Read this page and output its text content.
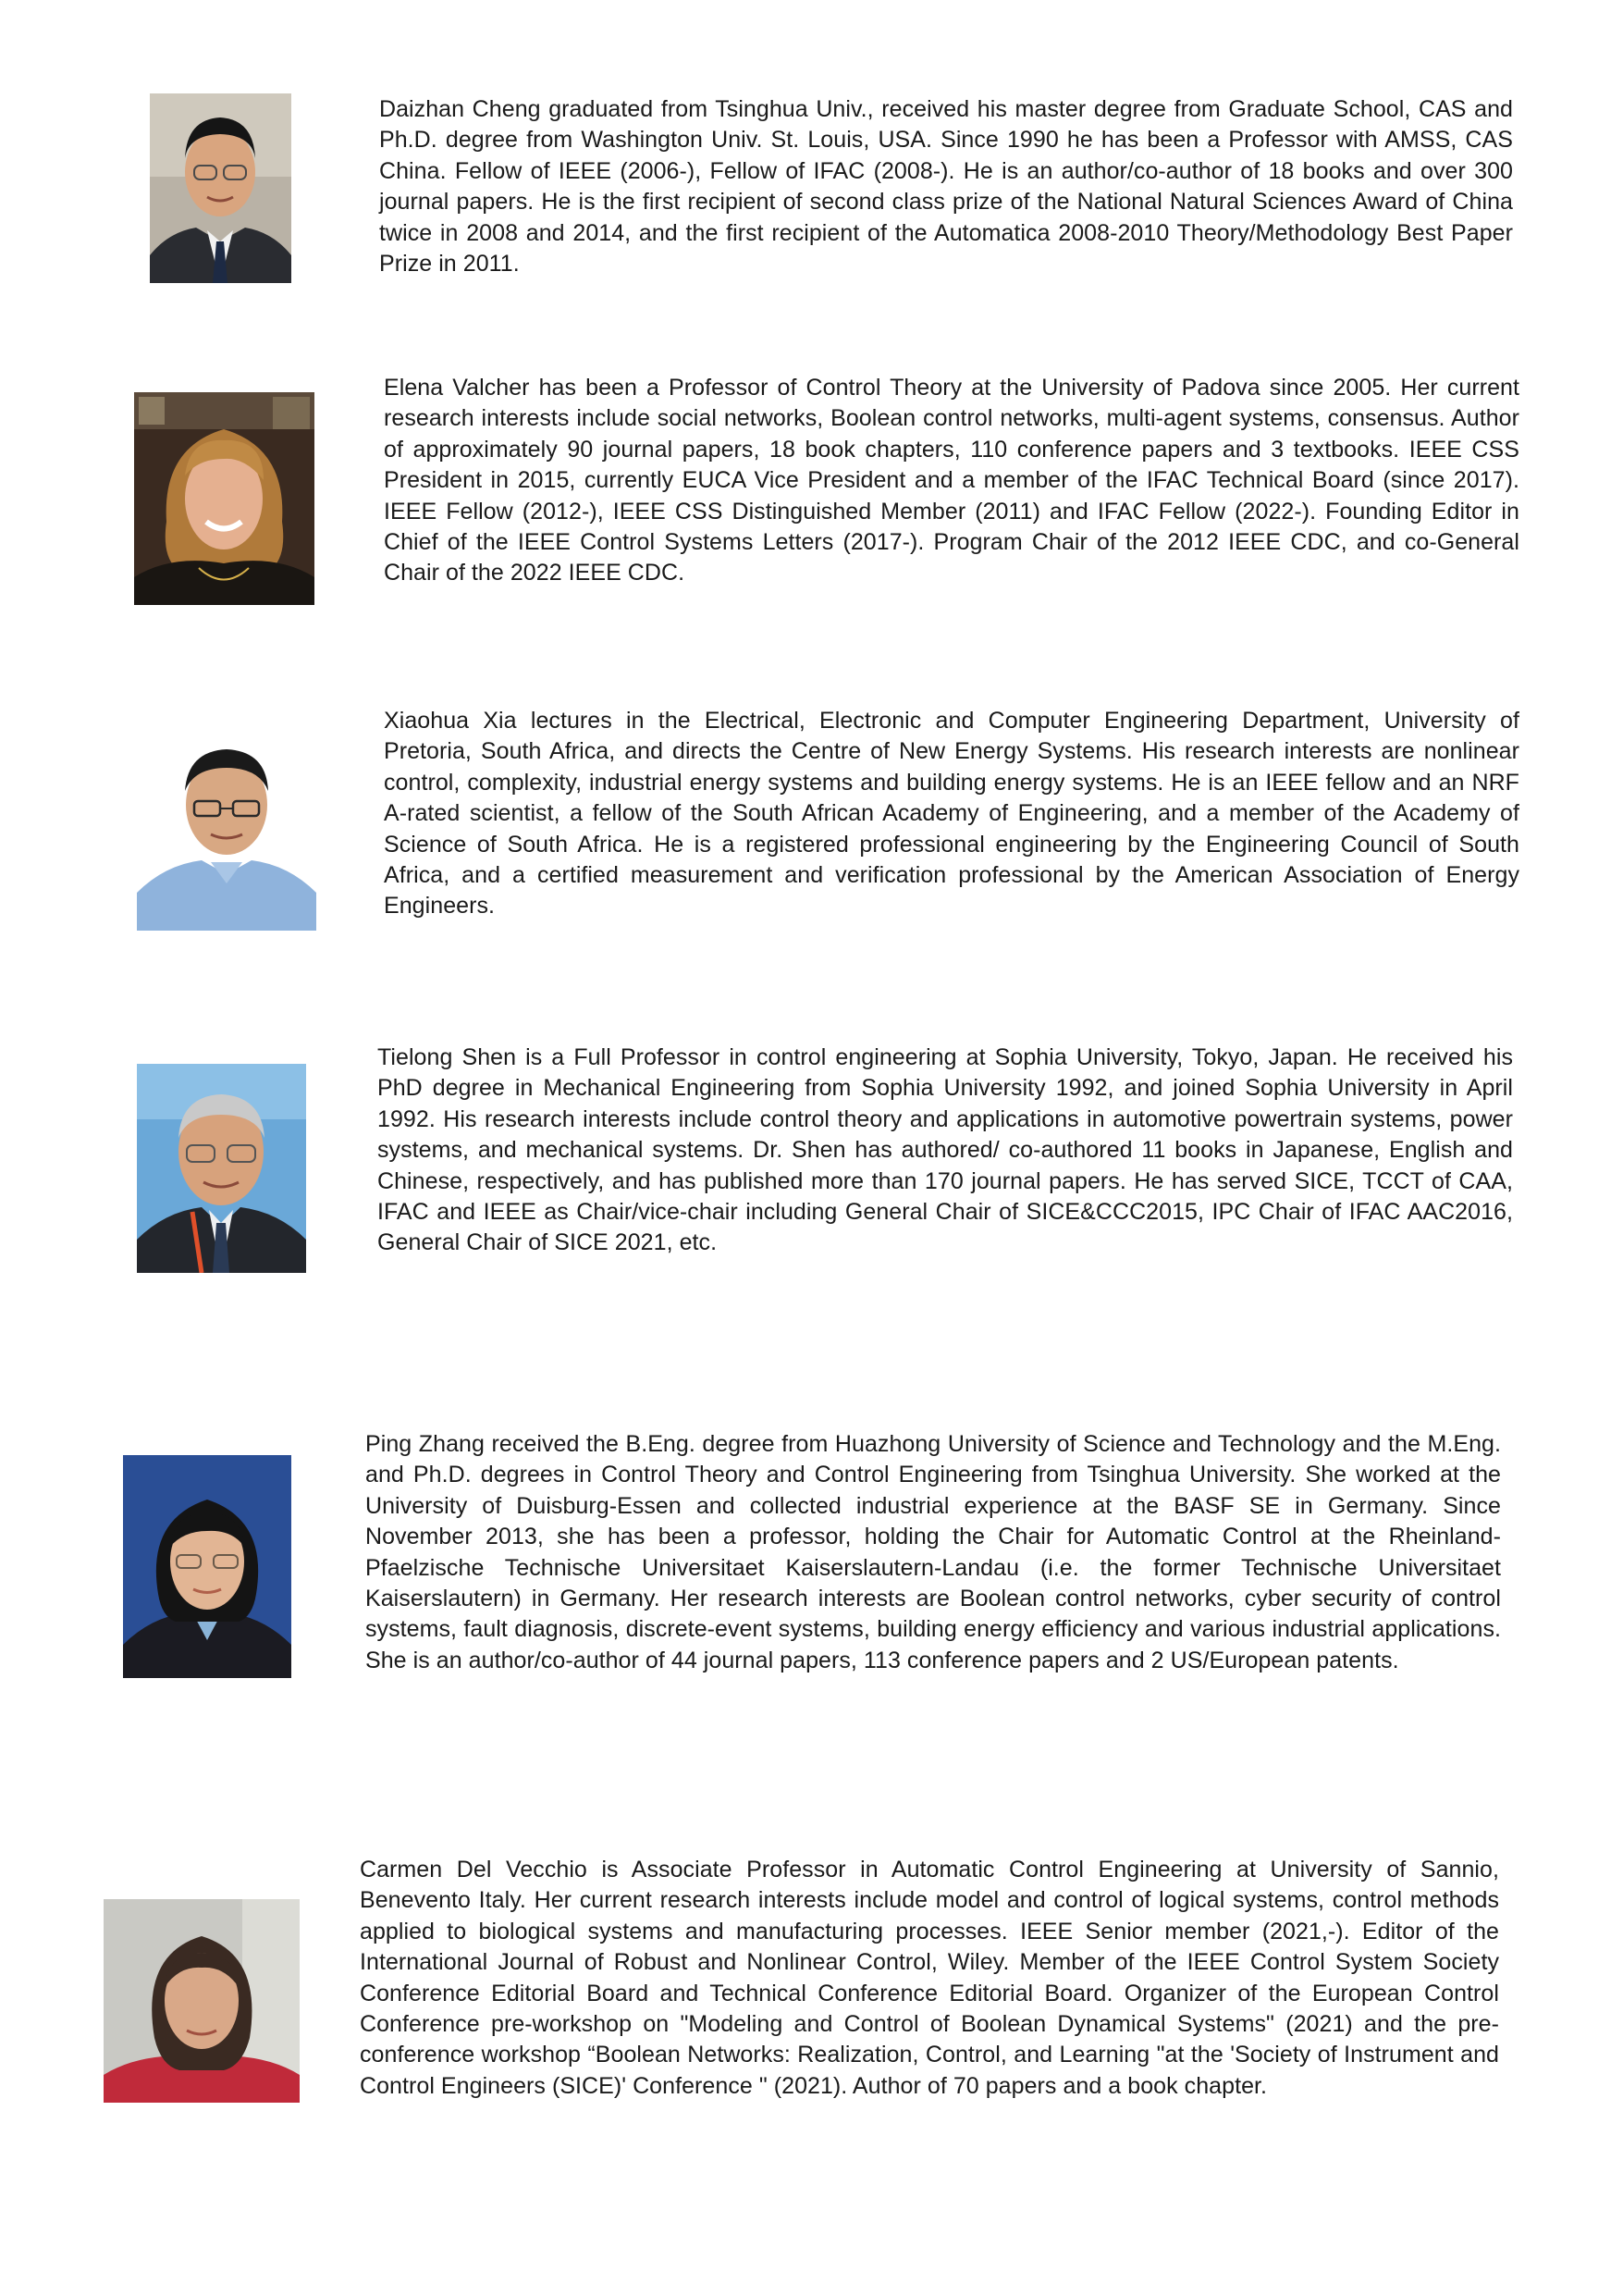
Daizhan Cheng graduated from Tsinghua Univ., received his master degree from Graduate School, CAS and Ph.D. degree from Washington Univ. St. Louis, USA. Since 1990 he has been a Professor with AMSS, CAS China. Fellow of IEEE (2006-), Fellow of IFAC (2008-). He is an author/co-author of 18 books and over 300 journal papers. He is the first recipient of second class prize of the National Natural Sciences Award of China twice in 2008 and 2014, and the first recipient of the Automatica 2008-2010 Theory/Methodology Best Paper Prize in 2011.

Elena Valcher has been a Professor of Control Theory at the University of Padova since 2005. Her current research interests include social networks, Boolean control networks, multi-agent systems, consensus. Author of approximately 90 journal papers, 18 book chapters, 110 conference papers and 3 textbooks. IEEE CSS President in 2015, currently EUCA Vice President and a member of the IFAC Technical Board (since 2017). IEEE Fellow (2012-), IEEE CSS Distinguished Member (2011) and IFAC Fellow (2022-). Founding Editor in Chief of the IEEE Control Systems Letters (2017-). Program Chair of the 2012 IEEE CDC, and co-General Chair of the 2022 IEEE CDC.

Xiaohua Xia lectures in the Electrical, Electronic and Computer Engineering Department, University of Pretoria, South Africa, and directs the Centre of New Energy Systems. His research interests are nonlinear control, complexity, industrial energy systems and building energy systems. He is an IEEE fellow and an NRF A-rated scientist, a fellow of the South African Academy of Engineering, and a member of the Academy of Science of South Africa. He is a registered professional engineering by the Engineering Council of South Africa, and a certified measurement and verification professional by the American Association of Energy Engineers.

Tielong Shen is a Full Professor in control engineering at Sophia University, Tokyo, Japan. He received his PhD degree in Mechanical Engineering from Sophia University 1992, and joined Sophia University in April 1992. His research interests include control theory and applications in automotive powertrain systems, power systems, and mechanical systems. Dr. Shen has authored/ co-authored 11 books in Japanese, English and Chinese, respectively, and has published more than 170 journal papers. He has served SICE, TCCT of CAA, IFAC and IEEE as Chair/vice-chair including General Chair of SICE&CCC2015, IPC Chair of IFAC AAC2016, General Chair of SICE 2021, etc.

Ping Zhang received the B.Eng. degree from Huazhong University of Science and Technology and the M.Eng. and Ph.D. degrees in Control Theory and Control Engineering from Tsinghua University. She worked at the University of Duisburg-Essen and collected industrial experience at the BASF SE in Germany. Since November 2013, she has been a professor, holding the Chair for Automatic Control at the Rheinland-Pfaelzische Technische Universitaet Kaiserslautern-Landau (i.e. the former Technische Universitaet Kaiserslautern) in Germany. Her research interests are Boolean control networks, cyber security of control systems, fault diagnosis, discrete-event systems, building energy efficiency and various industrial applications. She is an author/co-author of 44 journal papers, 113 conference papers and 2 US/European patents.

Carmen Del Vecchio is Associate Professor in Automatic Control Engineering at University of Sannio, Benevento Italy. Her current research interests include model and control of logical systems, control methods applied to biological systems and manufacturing processes. IEEE Senior member (2021,-). Editor of the International Journal of Robust and Nonlinear Control, Wiley. Member of the IEEE Control System Society Conference Editorial Board and Technical Conference Editorial Board. Organizer of the European Control Conference pre-workshop on "Modeling and Control of Boolean Dynamical Systems" (2021) and the pre-conference workshop “Boolean Networks: Realization, Control, and Learning "at the 'Society of Instrument and Control Engineers (SICE)' Conference " (2021). Author of 70 papers and a book chapter.
